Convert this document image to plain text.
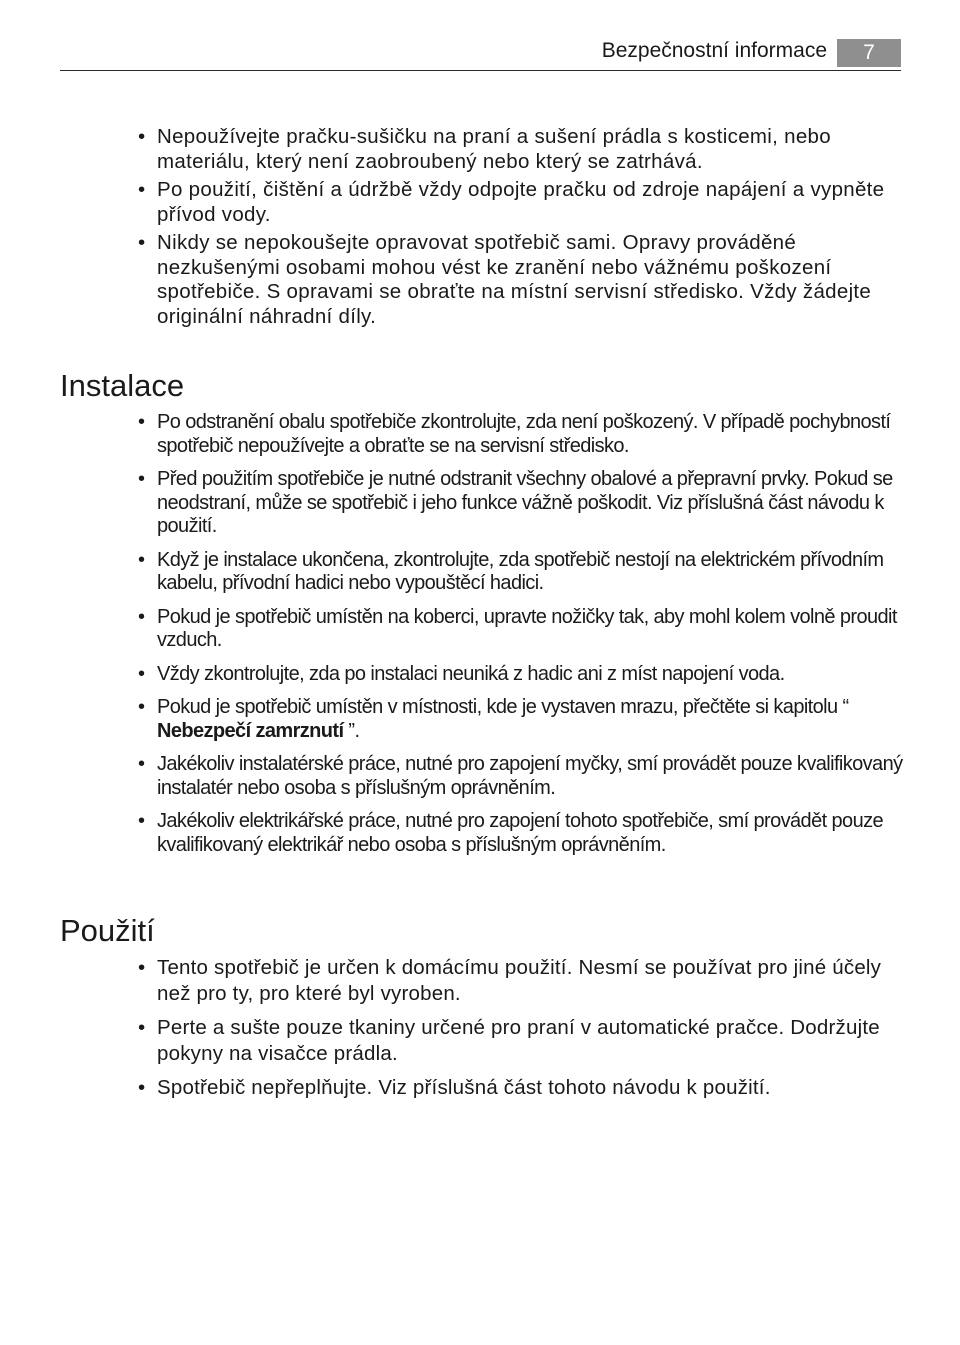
Bezpečnostní informace	7
• Nepoužívejte pračku-sušičku na praní a sušení prádla s kosticemi, nebo materiálu, který není zaobroubený nebo který se zatrhává.
• Po použití, čištění a údržbě vždy odpojte pračku od zdroje napájení a vypněte přívod vody.
• Nikdy se nepokoušejte opravovat spotřebič sami. Opravy prováděné nezkušenými osobami mohou vést ke zranění nebo vážnému poškození spotřebiče. S opravami se obraťte na místní servisní středisko. Vždy žádejte originální náhradní díly.
Instalace
• Po odstranění obalu spotřebiče zkontrolujte, zda není poškozený. V případě pochybností spotřebič nepoužívejte a obraťte se na servisní středisko.
• Před použitím spotřebiče je nutné odstranit všechny obalové a přepravní prvky. Pokud se neodstraní, může se spotřebič i jeho funkce vážně poškodit. Viz příslušná část návodu k použití.
• Když je instalace ukončena, zkontrolujte, zda spotřebič nestojí na elektrickém přívodním kabelu, přívodní hadici nebo vypouštěcí hadici.
• Pokud je spotřebič umístěn na koberci, upravte nožičky tak, aby mohl kolem volně proudit vzduch.
• Vždy zkontrolujte, zda po instalaci neuniká z hadic ani z míst napojení voda.
• Pokud je spotřebič umístěn v místnosti, kde je vystaven mrazu, přečtěte si kapitolu “ Nebezpečí zamrznutí ”.
• Jakékoliv instalatérské práce, nutné pro zapojení myčky, smí provádět pouze kvalifikovaný instalatér nebo osoba s příslušným oprávněním.
• Jakékoliv elektrikářské práce, nutné pro zapojení tohoto spotřebiče, smí provádět pouze kvalifikovaný elektrikář nebo osoba s příslušným oprávněním.
Použití
• Tento spotřebič je určen k domácímu použití. Nesmí se používat pro jiné účely než pro ty, pro které byl vyroben.
• Perte a sušte pouze tkaniny určené pro praní v automatické pračce. Dodržujte pokyny na visačce prádla.
• Spotřebič nepřeplňujte. Viz příslušná část tohoto návodu k použití.
